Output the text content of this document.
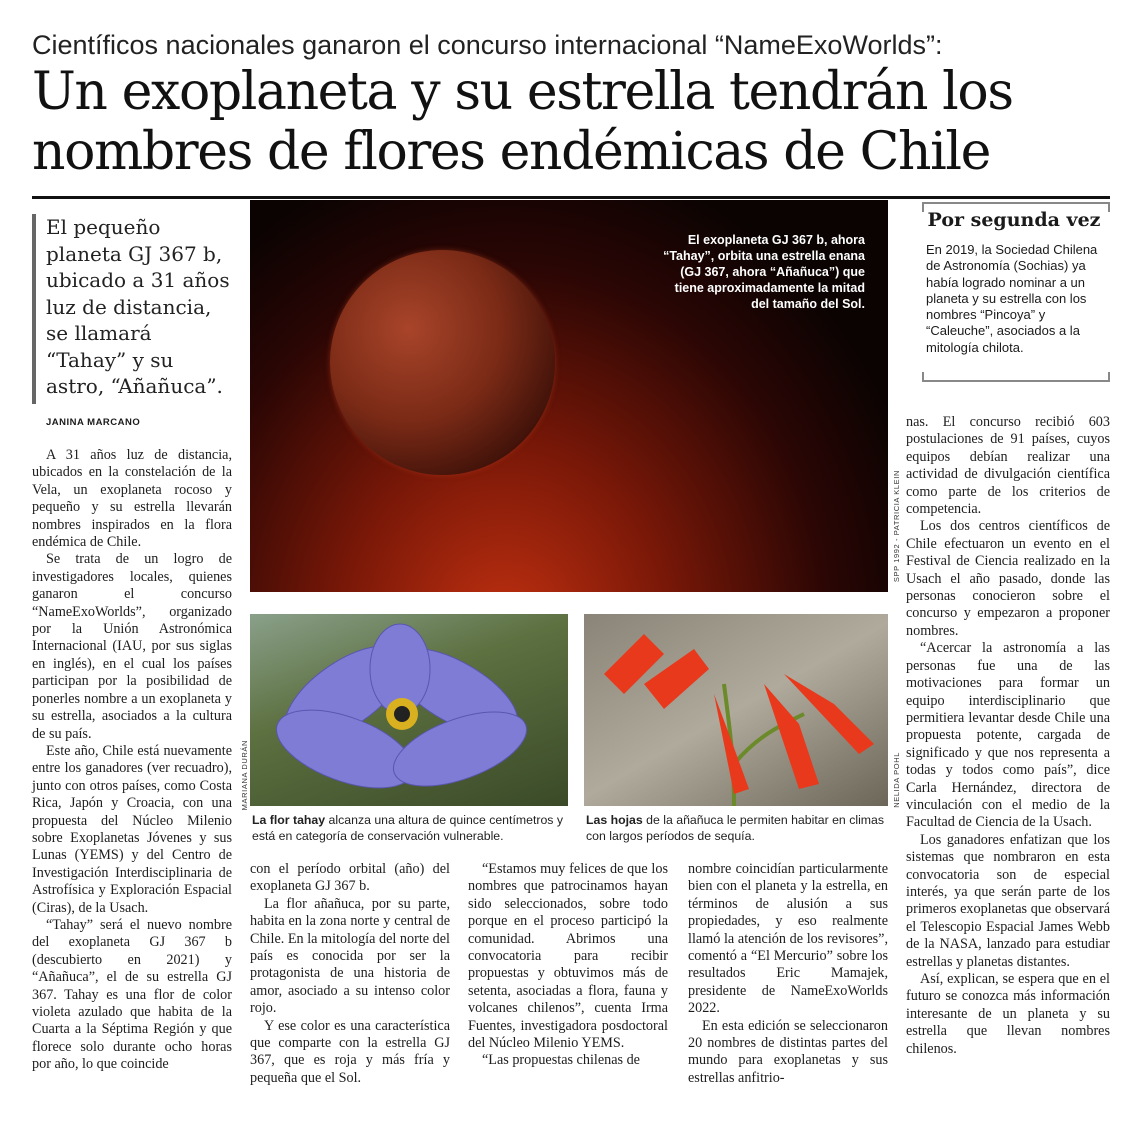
Científicos nacionales ganaron el concurso internacional “NameExoWorlds”:
Un exoplaneta y su estrella tendrán los
nombres de flores endémicas de Chile
El pequeño planeta GJ 367 b, ubicado a 31 años luz de distancia, se llamará “Tahay” y su astro, “Añañuca”.
JANINA MARCANO

A 31 años luz de distancia, ubicados en la constelación de la Vela, un exoplaneta rocoso y pequeño y su estrella llevarán nombres inspirados en la flora endémica de Chile.

Se trata de un logro de investigadores locales, quienes ganaron el concurso “NameExoWorlds”, organizado por la Unión Astronómica Internacional (IAU, por sus siglas en inglés), en el cual los países participan por la posibilidad de ponerles nombre a un exoplaneta y su estrella, asociados a la cultura de su país.

Este año, Chile está nuevamente entre los ganadores (ver recuadro), junto con otros países, como Costa Rica, Japón y Croacia, con una propuesta del Núcleo Milenio sobre Exoplanetas Jóvenes y sus Lunas (YEMS) y del Centro de Investigación Interdisciplinaria de Astrofísica y Exploración Espacial (Ciras), de la Usach.

“Tahay” será el nuevo nombre del exoplaneta GJ 367 b (descubierto en 2021) y “Añañuca”, el de su estrella GJ 367. Tahay es una flor de color violeta azulado que habita de la Cuarta a la Séptima Región y que florece solo durante ocho horas por año, lo que coincide

El exoplaneta GJ 367 b, ahora “Tahay”, orbita una estrella enana (GJ 367, ahora “Añañuca”) que tiene aproximadamente la mitad del tamaño del Sol.
SPP 1992 - PATRICIA KLEIN
MARIANA DURÁN
La flor tahay alcanza una altura de quince centímetros y está en categoría de conservación vulnerable.
NELIDA POHL
Las hojas de la añañuca le permiten habitar en climas con largos períodos de sequía.

con el período orbital (año) del exoplaneta GJ 367 b.

La flor añañuca, por su parte, habita en la zona norte y central de Chile. En la mitología del norte del país es conocida por ser la protagonista de una historia de amor, asociado a su intenso color rojo.

Y ese color es una característica que comparte con la estrella GJ 367, que es roja y más fría y pequeña que el Sol.

“Estamos muy felices de que los nombres que patrocinamos hayan sido seleccionados, sobre todo porque en el proceso participó la comunidad. Abrimos una convocatoria para recibir propuestas y obtuvimos más de setenta, asociadas a flora, fauna y volcanes chilenos”, cuenta Irma Fuentes, investigadora posdoctoral del Núcleo Milenio YEMS.

“Las propuestas chilenas de

nombre coincidían particularmente bien con el planeta y la estrella, en términos de alusión a sus propiedades, y eso realmente llamó la atención de los revisores”, comentó a “El Mercurio” sobre los resultados Eric Mamajek, presidente de NameExoWorlds 2022.

En esta edición se seleccionaron 20 nombres de distintas partes del mundo para exoplanetas y sus estrellas anfitrio-

Por segunda vez
En 2019, la Sociedad Chilena de Astronomía (Sochias) ya había logrado nominar a un planeta y su estrella con los nombres “Pincoya” y “Caleuche”, asociados a la mitología chilota.

nas. El concurso recibió 603 postulaciones de 91 países, cuyos equipos debían realizar una actividad de divulgación científica como parte de los criterios de competencia.

Los dos centros científicos de Chile efectuaron un evento en el Festival de Ciencia realizado en la Usach el año pasado, donde las personas conocieron sobre el concurso y empezaron a proponer nombres.

“Acercar la astronomía a las personas fue una de las motivaciones para formar un equipo interdisciplinario que permitiera levantar desde Chile una propuesta potente, cargada de significado y que nos representa a todas y todos como país”, dice Carla Hernández, directora de vinculación con el medio de la Facultad de Ciencia de la Usach.

Los ganadores enfatizan que los sistemas que nombraron en esta convocatoria son de especial interés, ya que serán parte de los primeros exoplanetas que observará el Telescopio Espacial James Webb de la NASA, lanzado para estudiar estrellas y planetas distantes.

Así, explican, se espera que en el futuro se conozca más información interesante de un planeta y su estrella que llevan nombres chilenos.
